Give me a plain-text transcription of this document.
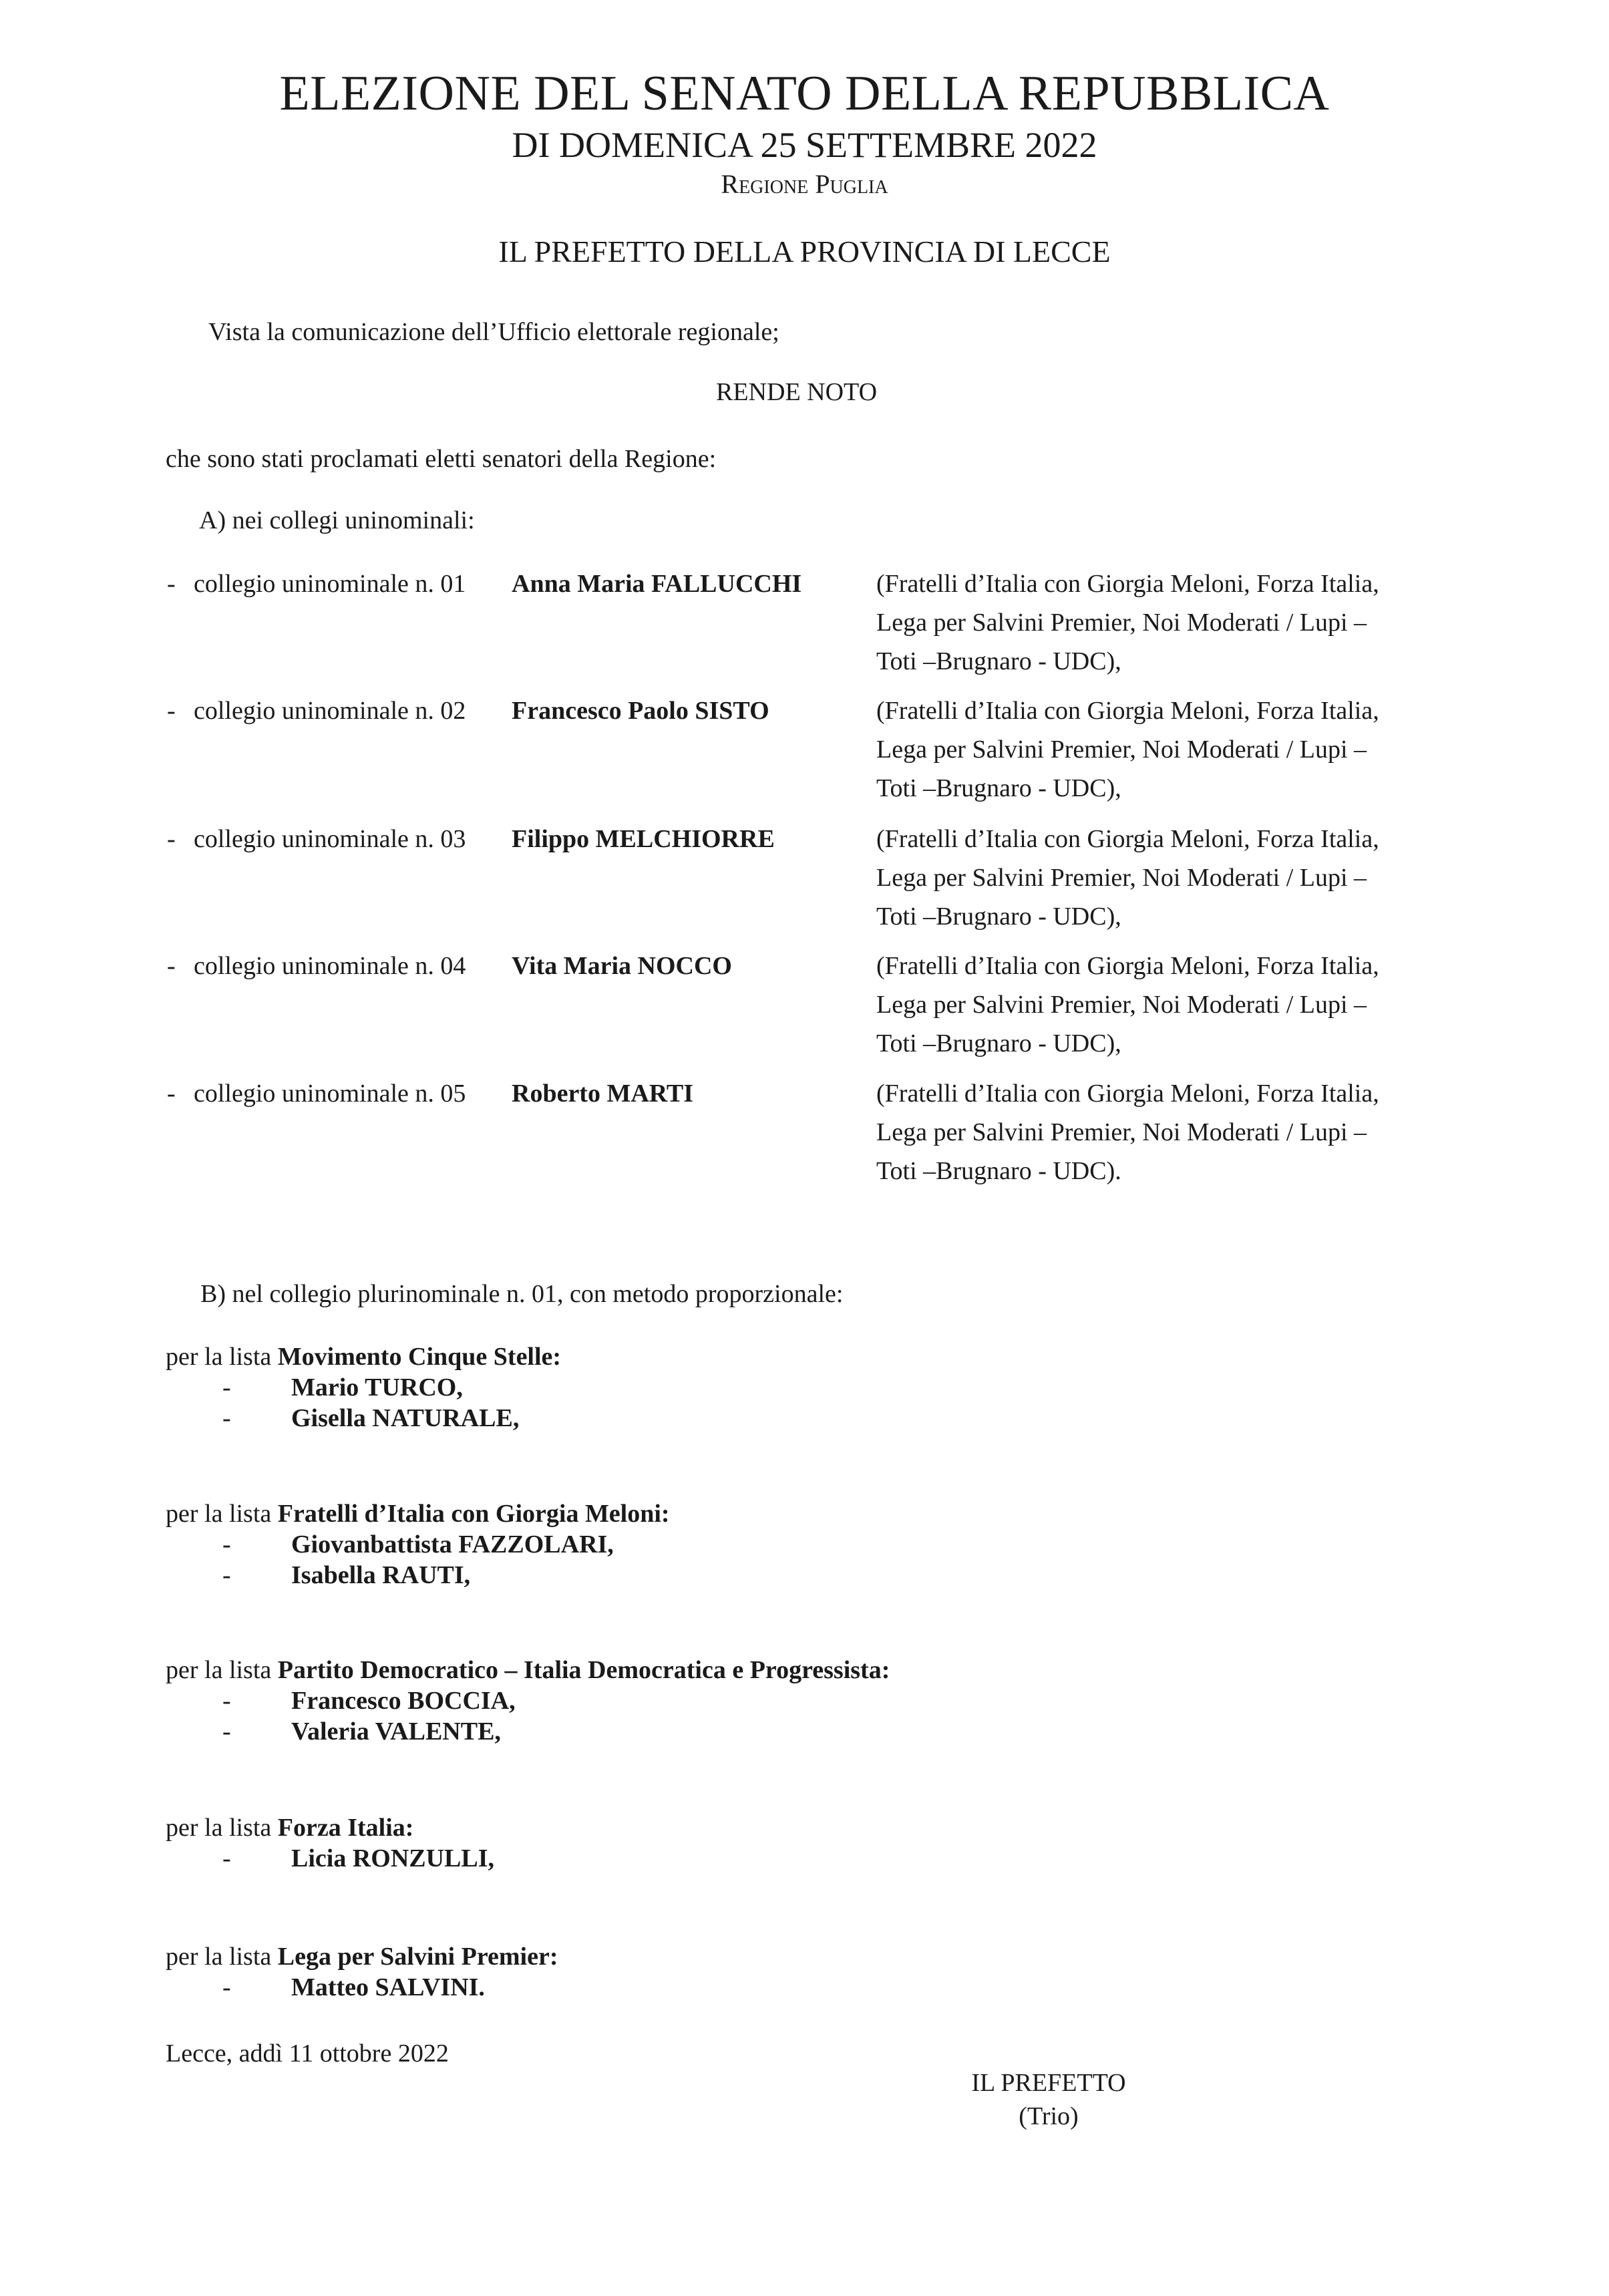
ELEZIONE DEL SENATO DELLA REPUBBLICA
DI DOMENICA 25 SETTEMBRE 2022
Regione Puglia
IL PREFETTO DELLA PROVINCIA DI LECCE
Vista la comunicazione dell’Ufficio elettorale regionale;
RENDE NOTO
che sono stati proclamati eletti senatori della Regione:
A) nei collegi uninominali:
- collegio uninominale n. 01 Anna Maria FALLUCCHI	(Fratelli d’Italia con Giorgia Meloni, Forza Italia,
Lega per Salvini Premier, Noi Moderati / Lupi –
Toti –Brugnaro - UDC),
- collegio uninominale n. 02 Francesco Paolo SISTO	(Fratelli d’Italia con Giorgia Meloni, Forza Italia,
Lega per Salvini Premier, Noi Moderati / Lupi –
Toti –Brugnaro - UDC),
- collegio uninominale n. 03 Filippo MELCHIORRE	(Fratelli d’Italia con Giorgia Meloni, Forza Italia,
Lega per Salvini Premier, Noi Moderati / Lupi –
Toti –Brugnaro - UDC),
- collegio uninominale n. 04 Vita Maria NOCCO	(Fratelli d’Italia con Giorgia Meloni, Forza Italia,
Lega per Salvini Premier, Noi Moderati / Lupi –
Toti –Brugnaro - UDC),
- collegio uninominale n. 05 Roberto MARTI	(Fratelli d’Italia con Giorgia Meloni, Forza Italia,
Lega per Salvini Premier, Noi Moderati / Lupi –
Toti –Brugnaro - UDC).
B) nel collegio plurinominale n. 01, con metodo proporzionale:
per la lista Movimento Cinque Stelle:
- Mario TURCO,
- Gisella NATURALE,
per la lista Fratelli d’Italia con Giorgia Meloni:
- Giovanbattista FAZZOLARI,
- Isabella RAUTI,
per la lista Partito Democratico – Italia Democratica e Progressista:
- Francesco BOCCIA,
- Valeria VALENTE,
per la lista Forza Italia:
- Licia RONZULLI,
per la lista Lega per Salvini Premier:
- Matteo SALVINI.
Lecce, addì 11 ottobre 2022
IL PREFETTO
(Trio)
